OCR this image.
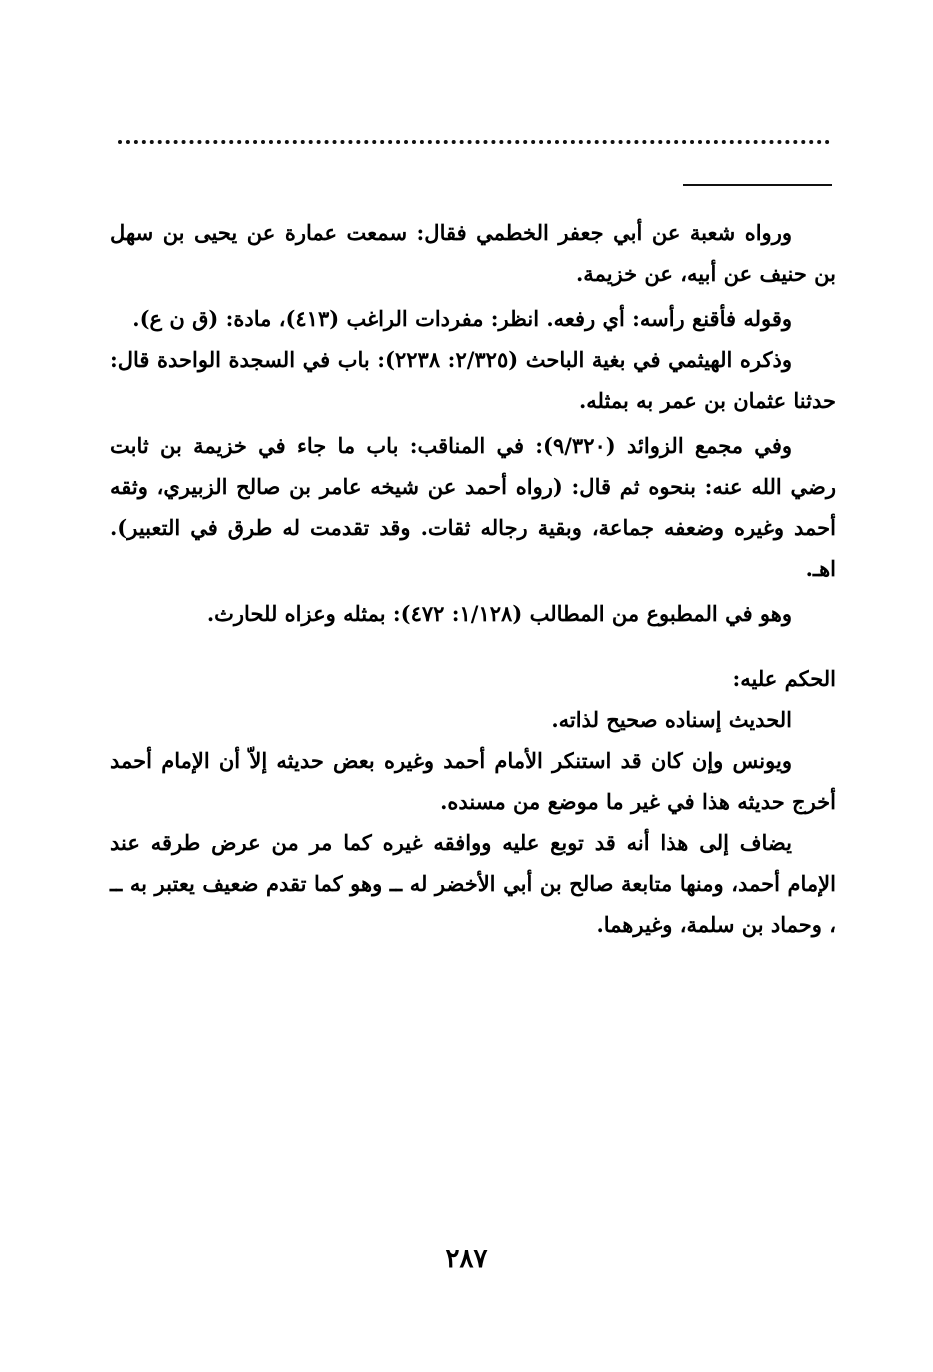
ورواه شعبة عن أبي جعفر الخطمي فقال: سمعت عمارة عن يحيى بن سهل بن حنيف عن أبيه، عن خزيمة.

وقوله فأقنع رأسه: أي رفعه. انظر: مفردات الراغب (٤١٣)، مادة: (ق ن ع).

وذكره الهيثمي في بغية الباحث (٢/٣٢٥: ٢٢٣٨): باب في السجدة الواحدة قال: حدثنا عثمان بن عمر به بمثله.

وفي مجمع الزوائد (٩/٣٢٠): في المناقب: باب ما جاء في خزيمة بن ثابت رضي الله عنه: بنحوه ثم قال: (رواه أحمد عن شيخه عامر بن صالح الزبيري، وثقه أحمد وغيره وضعفه جماعة، وبقية رجاله ثقات. وقد تقدمت له طرق في التعبير). اهـ.

وهو في المطبوع من المطالب (١/١٢٨: ٤٧٢): بمثله وعزاه للحارث.

الحكم عليه:

الحديث إسناده صحيح لذاته.

ويونس وإن كان قد استنكر الأمام أحمد وغيره بعض حديثه إلاّ أن الإمام أحمد أخرج حديثه هذا في غير ما موضع من مسنده.

يضاف إلى هذا أنه قد توبع عليه ووافقه غيره كما مر من عرض طرقه عند الإمام أحمد، ومنها متابعة صالح بن أبي الأخضر له ــ وهو كما تقدم ضعيف يعتبر به ــ ، وحماد بن سلمة، وغيرهما.

٢٨٧
